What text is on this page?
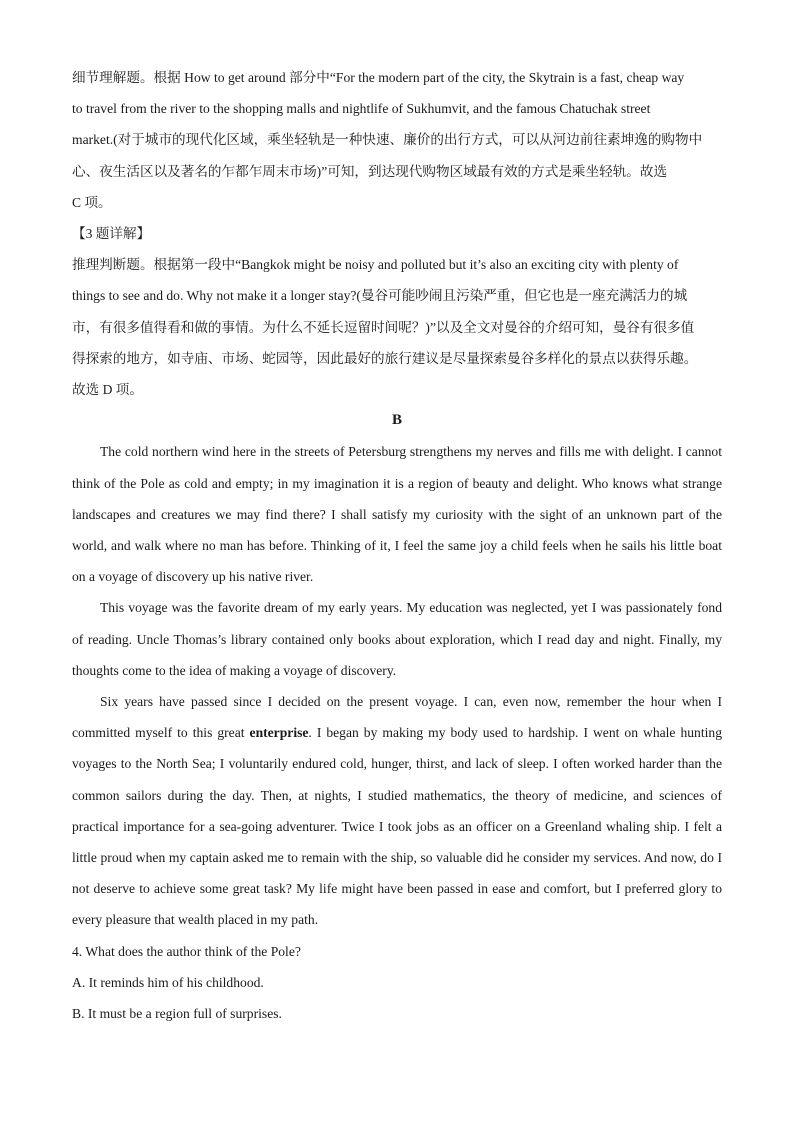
细节理解题。根据 How to get around 部分中“For the modern part of the city, the Skytrain is a fast, cheap way

to travel from the river to the shopping malls and nightlife of Sukhumvit, and the famous Chatuchak street

market.(对于城市的现代化区域，乘坐轻轨是一种快速、廉价的出行方式，可以从河边前往素坤逸的购物中

心、夜生活区以及著名的乍都乍周末市场)”可知，到达现代购物区域最有效的方式是乘坐轻轨。故选

C 项。

【3 题详解】

推理判断题。根据第一段中“Bangkok might be noisy and polluted but it’s also an exciting city with plenty of

things to see and do. Why not make it a longer stay?(曼谷可能吵闹且污染严重，但它也是一座充满活力的城

市，有很多值得看和做的事情。为什么不延长逗留时间呢？)”以及全文对曼谷的介绍可知，曼谷有很多值

得探索的地方，如寺庙、市场、蛇园等，因此最好的旅行建议是尽量探索曼谷多样化的景点以获得乐趣。

故选 D 项。

B

The cold northern wind here in the streets of Petersburg strengthens my nerves and fills me with delight. I cannot think of the Pole as cold and empty; in my imagination it is a region of beauty and delight. Who knows what strange landscapes and creatures we may find there? I shall satisfy my curiosity with the sight of an unknown part of the world, and walk where no man has before. Thinking of it, I feel the same joy a child feels when he sails his little boat on a voyage of discovery up his native river.

This voyage was the favorite dream of my early years. My education was neglected, yet I was passionately fond of reading. Uncle Thomas’s library contained only books about exploration, which I read day and night. Finally, my thoughts come to the idea of making a voyage of discovery.

Six years have passed since I decided on the present voyage. I can, even now, remember the hour when I committed myself to this great enterprise. I began by making my body used to hardship. I went on whale hunting voyages to the North Sea; I voluntarily endured cold, hunger, thirst, and lack of sleep. I often worked harder than the common sailors during the day. Then, at nights, I studied mathematics, the theory of medicine, and sciences of practical importance for a sea-going adventurer. Twice I took jobs as an officer on a Greenland whaling ship. I felt a little proud when my captain asked me to remain with the ship, so valuable did he consider my services. And now, do I not deserve to achieve some great task? My life might have been passed in ease and comfort, but I preferred glory to every pleasure that wealth placed in my path.

4. What does the author think of the Pole?

A. It reminds him of his childhood.

B. It must be a region full of surprises.
